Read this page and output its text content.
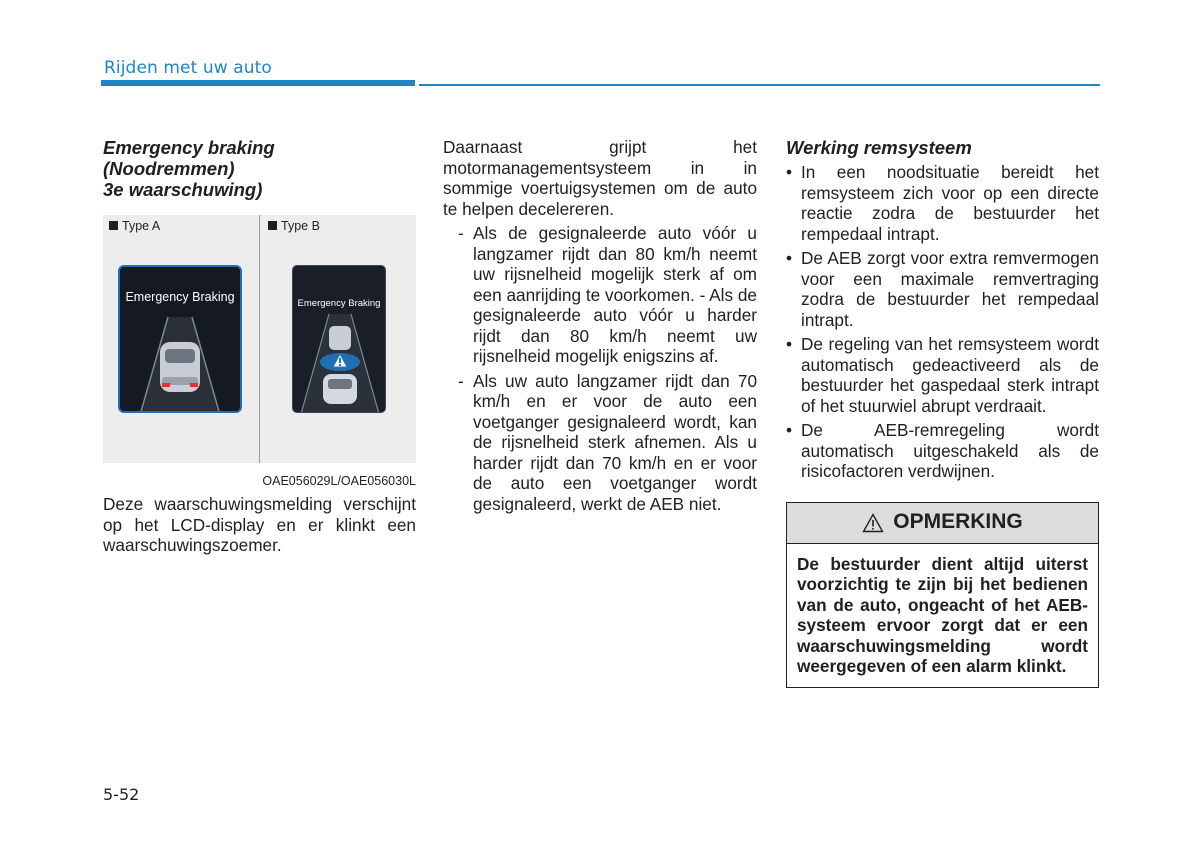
Rijden met uw auto
Emergency braking
(Noodremmen)
3e waarschuwing)
Type A
Emergency Braking
Type B
Emergency Braking
OAE056029L/OAE056030L

Deze waarschuwingsmelding verschijnt op het LCD-display en er klinkt een waarschuwingszoemer.

Daarnaast grijpt het motormanagementsysteem in in sommige voertuigsystemen om de auto te helpen decelereren.

- Als de gesignaleerde auto vóór u langzamer rijdt dan 80 km/h neemt uw rijsnelheid mogelijk sterk af om een aanrijding te voorkomen. - Als de gesignaleerde auto vóór u harder rijdt dan 80 km/h neemt uw rijsnelheid mogelijk enigszins af.
- Als uw auto langzamer rijdt dan 70 km/h en er voor de auto een voetganger gesignaleerd wordt, kan de rijsnelheid sterk afnemen. Als u harder rijdt dan 70 km/h en er voor de auto een voetganger wordt gesignaleerd, werkt de AEB niet.
Werking remsysteem
• In een noodsituatie bereidt het remsysteem zich voor op een directe reactie zodra de bestuurder het rempedaal intrapt.
• De AEB zorgt voor extra remvermogen voor een maximale remvertraging zodra de bestuurder het rempedaal intrapt.
• De regeling van het remsysteem wordt automatisch gedeactiveerd als de bestuurder het gaspedaal sterk intrapt of het stuurwiel abrupt verdraait.
• De AEB-remregeling wordt automatisch uitgeschakeld als de risicofactoren verdwijnen.
OPMERKING
De bestuurder dient altijd uiterst voorzichtig te zijn bij het bedienen van de auto, ongeacht of het AEB-systeem ervoor zorgt dat er een waarschuwingsmelding wordt weergegeven of een alarm klinkt.
5-52
